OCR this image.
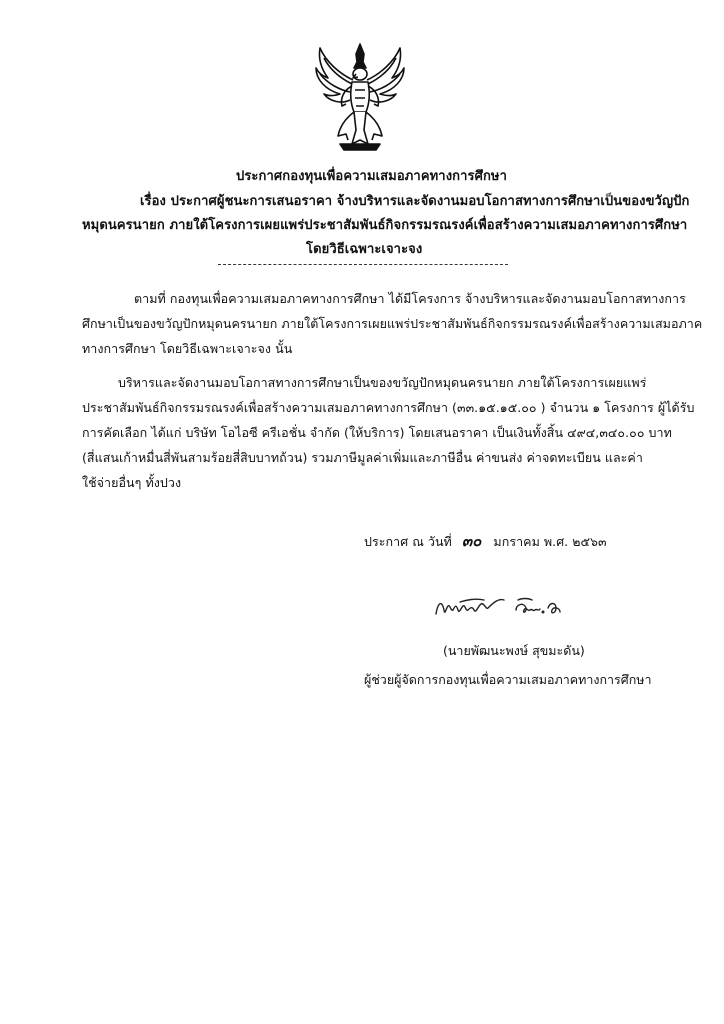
ประกาศกองทุนเพื่อความเสมอภาคทางการศึกษา
เรื่อง ประกาศผู้ชนะการเสนอราคา จ้างบริหารและจัดงานมอบโอกาสทางการศึกษาเป็นของขวัญปัก
หมุดนครนายก ภายใต้โครงการเผยแพร่ประชาสัมพันธ์กิจกรรมรณรงค์เพื่อสร้างความเสมอภาคทางการศึกษา
โดยวิธีเฉพาะเจาะจง
ตามที่ กองทุนเพื่อความเสมอภาคทางการศึกษา ได้มีโครงการ จ้างบริหารและจัดงานมอบโอกาสทางการ
ศึกษาเป็นของขวัญปักหมุดนครนายก ภายใต้โครงการเผยแพร่ประชาสัมพันธ์กิจกรรมรณรงค์เพื่อสร้างความเสมอภาค
ทางการศึกษา โดยวิธีเฉพาะเจาะจง นั้น
บริหารและจัดงานมอบโอกาสทางการศึกษาเป็นของขวัญปักหมุดนครนายก ภายใต้โครงการเผยแพร่
ประชาสัมพันธ์กิจกรรมรณรงค์เพื่อสร้างความเสมอภาคทางการศึกษา (๓๓.๑๕.๑๕.๐๐ ) จำนวน ๑ โครงการ ผู้ได้รับ
การคัดเลือก ได้แก่ บริษัท โอไอซี ครีเอชั่น จำกัด (ให้บริการ) โดยเสนอราคา เป็นเงินทั้งสิ้น ๔๙๔,๓๔๐.๐๐ บาท
(สี่แสนเก้าหมื่นสี่พันสามร้อยสี่สิบบาทถ้วน) รวมภาษีมูลค่าเพิ่มและภาษีอื่น ค่าขนส่ง ค่าจดทะเบียน และค่า
ใช้จ่ายอื่นๆ ทั้งปวง
ประกาศ ณ วันที่ ๓๐ มกราคม พ.ศ. ๒๕๖๓
(นายพัฒนะพงษ์ สุขมะดัน)
ผู้ช่วยผู้จัดการกองทุนเพื่อความเสมอภาคทางการศึกษา
